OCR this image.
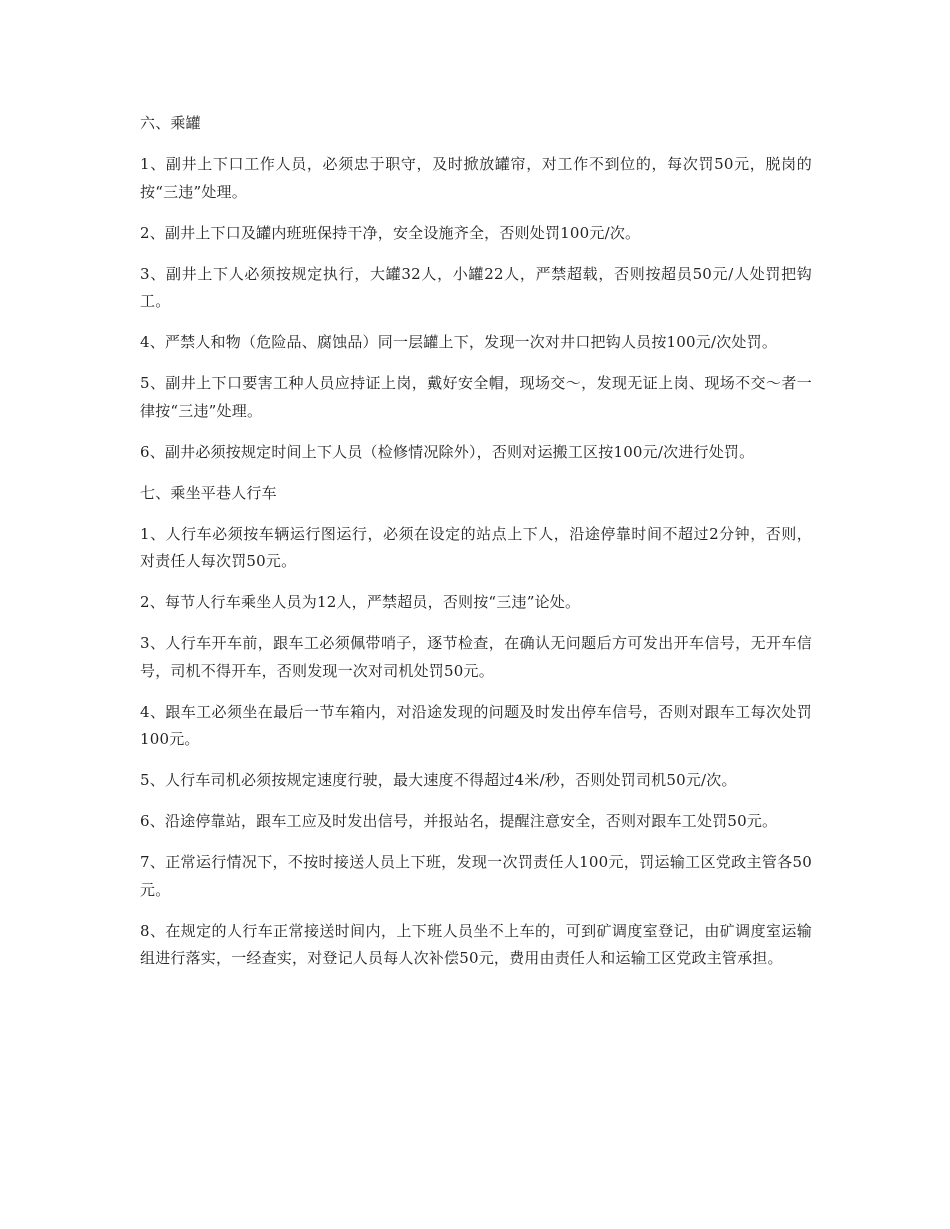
六、乘罐

1、副井上下口工作人员，必须忠于职守，及时掀放罐帘，对工作不到位的，每次罚50元，脱岗的按“三违”处理。

2、副井上下口及罐内班班保持干净，安全设施齐全，否则处罚100元/次。

3、副井上下人必须按规定执行，大罐32人，小罐22人，严禁超载，否则按超员50元/人处罚把钩工。

4、严禁人和物（危险品、腐蚀品）同一层罐上下，发现一次对井口把钩人员按100元/次处罚。

5、副井上下口要害工种人员应持证上岗，戴好安全帽，现场交～，发现无证上岗、现场不交～者一律按“三违”处理。

6、副井必须按规定时间上下人员（检修情况除外），否则对运搬工区按100元/次进行处罚。

七、乘坐平巷人行车

1、人行车必须按车辆运行图运行，必须在设定的站点上下人，沿途停靠时间不超过2分钟，否则，对责任人每次罚50元。

2、每节人行车乘坐人员为12人，严禁超员，否则按“三违”论处。

3、人行车开车前，跟车工必须佩带哨子，逐节检查，在确认无问题后方可发出开车信号，无开车信号，司机不得开车，否则发现一次对司机处罚50元。

4、跟车工必须坐在最后一节车箱内，对沿途发现的问题及时发出停车信号，否则对跟车工每次处罚100元。

5、人行车司机必须按规定速度行驶，最大速度不得超过4米/秒，否则处罚司机50元/次。

6、沿途停靠站，跟车工应及时发出信号，并报站名，提醒注意安全，否则对跟车工处罚50元。

7、正常运行情况下，不按时接送人员上下班，发现一次罚责任人100元，罚运输工区党政主管各50元。

8、在规定的人行车正常接送时间内，上下班人员坐不上车的，可到矿调度室登记，由矿调度室运输组进行落实，一经查实，对登记人员每人次补偿50元，费用由责任人和运输工区党政主管承担。
